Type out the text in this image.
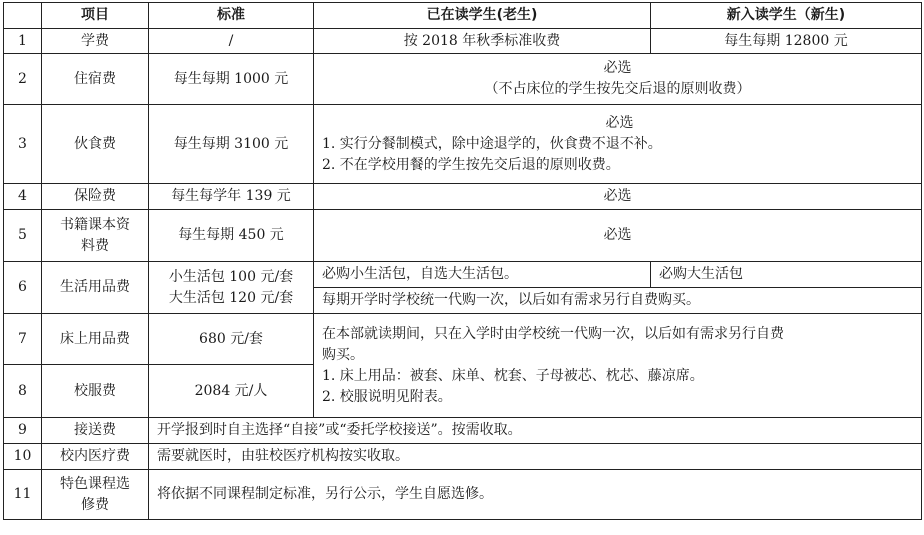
	项目	标准	已在读学生(老生)	新入读学生（新生)
1	学费	/	按 2018 年秋季标准收费	每生每期 12800 元
2	住宿费	每生每期 1000 元	必选
（不占床位的学生按先交后退的原则收费）	

3	伙食费	每生每期 3100 元	必选
1. 实行分餐制模式，除中途退学的，伙食费不退不补。
2. 不在学校用餐的学生按先交后退的原则收费。	

4	保险费	每生每学年 139 元	必选	
5	书籍课本资
料费	每生每期 450 元	必选	
6	生活用品费	小生活包 100 元/套
大生活包 120 元/套	必购小生活包，自选大生活包。	必购大生活包
			每期开学时学校统一代购一次，以后如有需求另行自费购买。	
7	床上用品费	680 元/套	在本部就读期间，只在入学时由学校统一代购一次，以后如有需求另行自费
购买。
1. 床上用品：被套、床单、枕套、子母被芯、枕芯、藤凉席。
2. 校服说明见附表。	

8	校服费	2084 元/人		
9	接送费	开学报到时自主选择“自接”或“委托学校接送”。按需收取。		
10	校内医疗费	需要就医时，由驻校医疗机构按实收取。		
11	特色课程选
修费	将依据不同课程制定标准，另行公示，学生自愿选修。		
